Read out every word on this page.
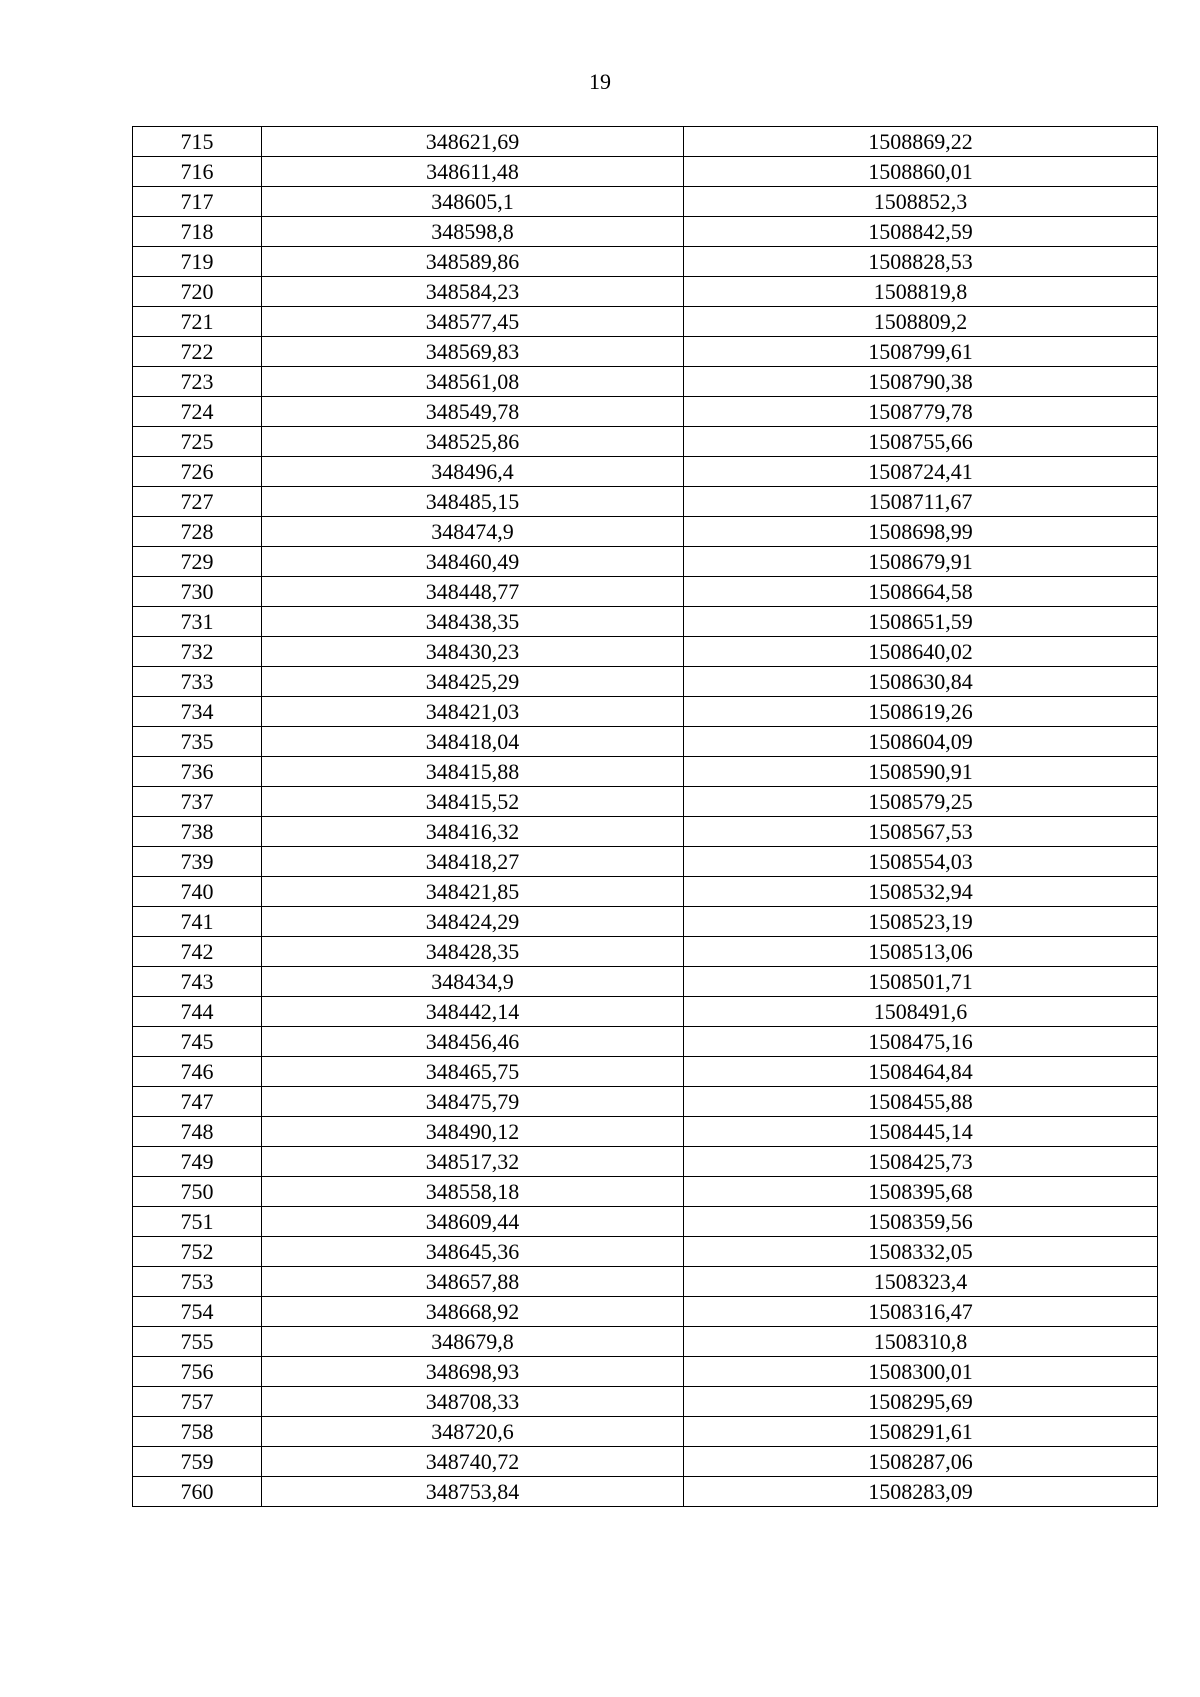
19
715	348621,69	1508869,22
716	348611,48	1508860,01
717	348605,1	1508852,3
718	348598,8	1508842,59
719	348589,86	1508828,53
720	348584,23	1508819,8
721	348577,45	1508809,2
722	348569,83	1508799,61
723	348561,08	1508790,38
724	348549,78	1508779,78
725	348525,86	1508755,66
726	348496,4	1508724,41
727	348485,15	1508711,67
728	348474,9	1508698,99
729	348460,49	1508679,91
730	348448,77	1508664,58
731	348438,35	1508651,59
732	348430,23	1508640,02
733	348425,29	1508630,84
734	348421,03	1508619,26
735	348418,04	1508604,09
736	348415,88	1508590,91
737	348415,52	1508579,25
738	348416,32	1508567,53
739	348418,27	1508554,03
740	348421,85	1508532,94
741	348424,29	1508523,19
742	348428,35	1508513,06
743	348434,9	1508501,71
744	348442,14	1508491,6
745	348456,46	1508475,16
746	348465,75	1508464,84
747	348475,79	1508455,88
748	348490,12	1508445,14
749	348517,32	1508425,73
750	348558,18	1508395,68
751	348609,44	1508359,56
752	348645,36	1508332,05
753	348657,88	1508323,4
754	348668,92	1508316,47
755	348679,8	1508310,8
756	348698,93	1508300,01
757	348708,33	1508295,69
758	348720,6	1508291,61
759	348740,72	1508287,06
760	348753,84	1508283,09
